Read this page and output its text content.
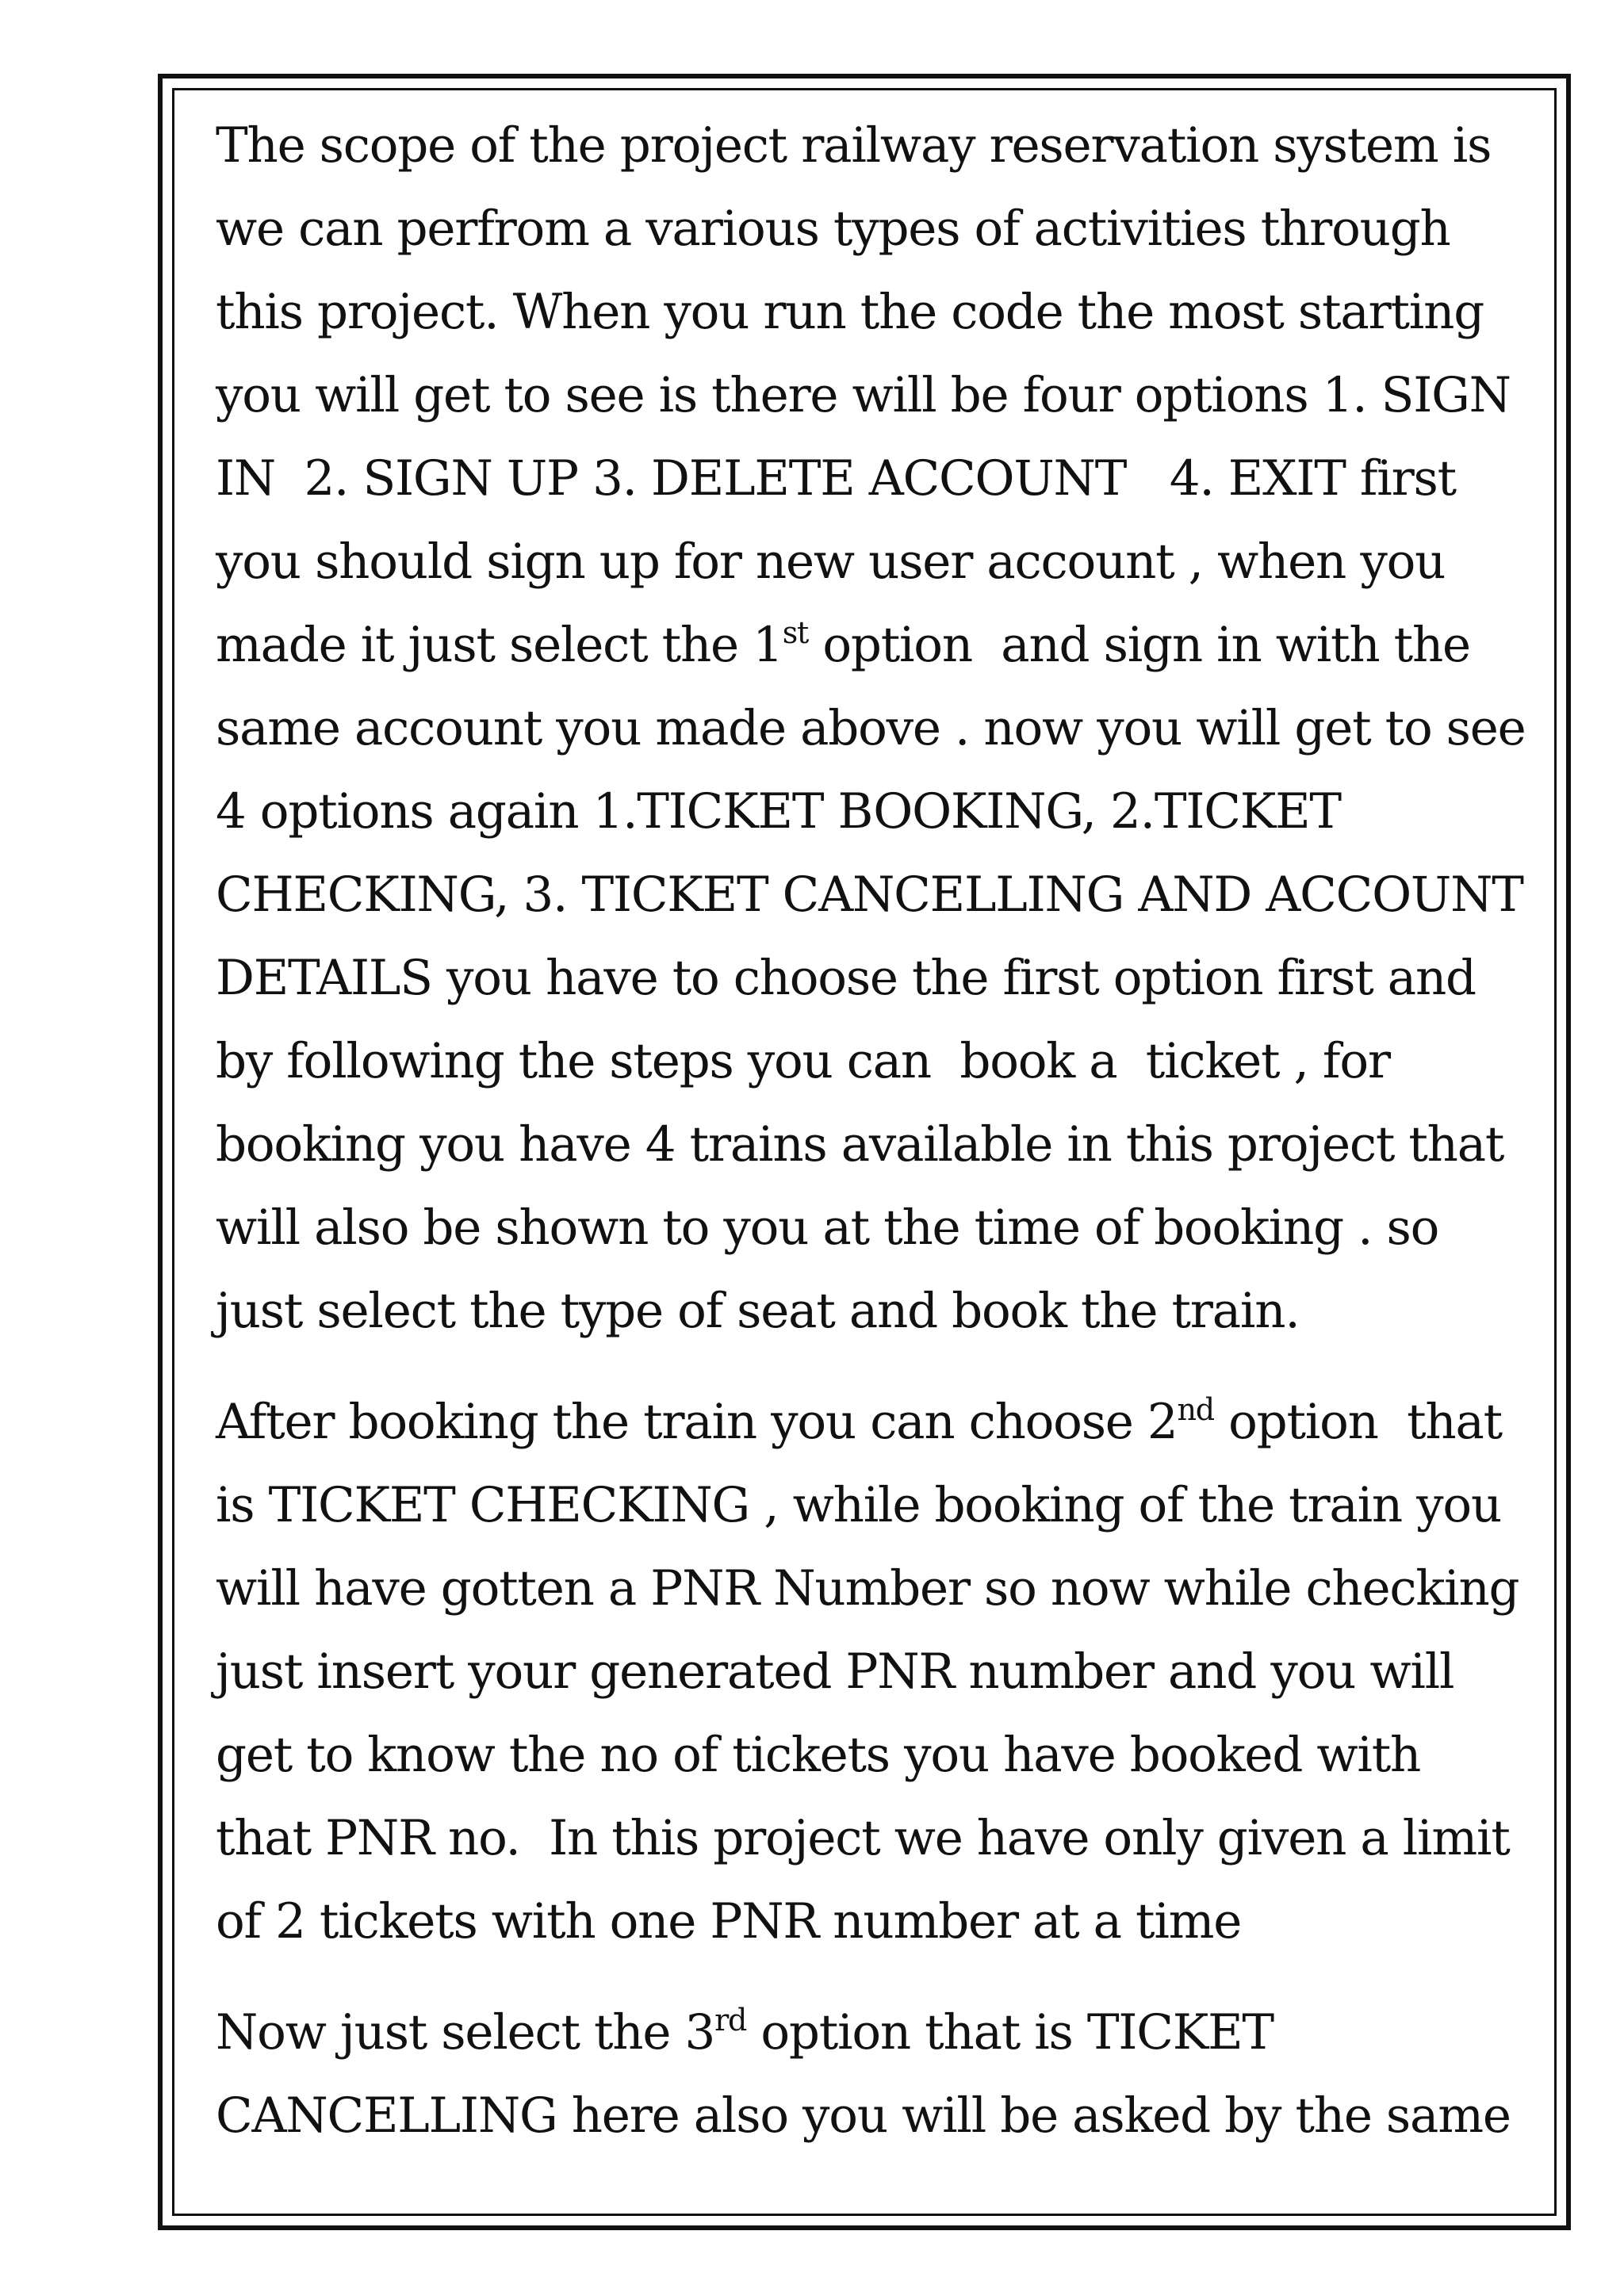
The scope of the project railway reservation system is
we can perfrom a various types of activities through
this project. When you run the code the most starting
you will get to see is there will be four options 1. SIGN
IN  2. SIGN UP 3. DELETE ACCOUNT   4. EXIT first
you should sign up for new user account , when you
made it just select the 1st option  and sign in with the
same account you made above . now you will get to see
4 options again 1.TICKET BOOKING, 2.TICKET
CHECKING, 3. TICKET CANCELLING AND ACCOUNT
DETAILS you have to choose the first option first and
by following the steps you can  book a  ticket , for
booking you have 4 trains available in this project that
will also be shown to you at the time of booking . so
just select the type of seat and book the train.
After booking the train you can choose 2nd option  that
is TICKET CHECKING , while booking of the train you
will have gotten a PNR Number so now while checking
just insert your generated PNR number and you will
get to know the no of tickets you have booked with
that PNR no.  In this project we have only given a limit
of 2 tickets with one PNR number at a time
Now just select the 3rd option that is TICKET
CANCELLING here also you will be asked by the same
